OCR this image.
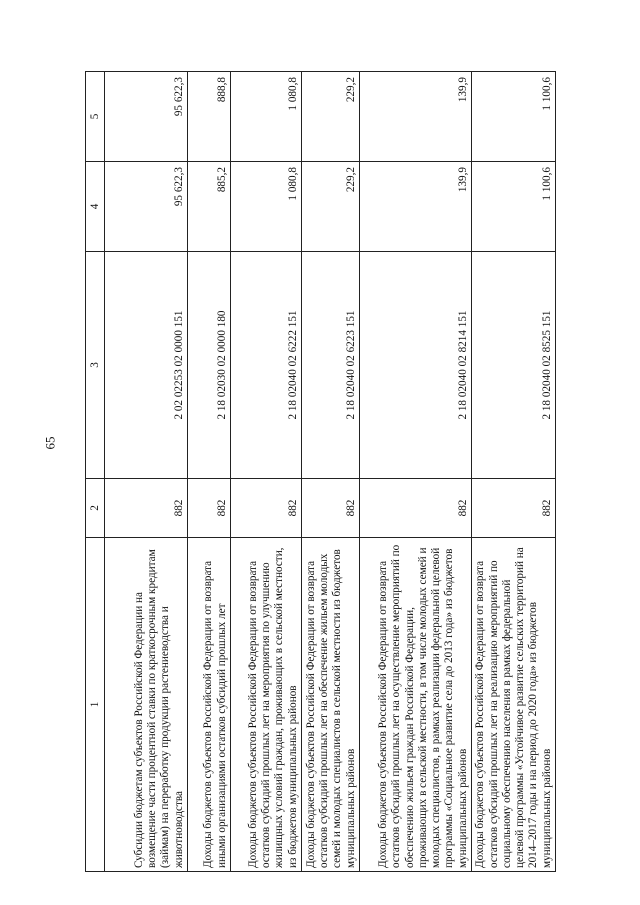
65
1	2	3	4	5
Субсидии бюджетам субъектов Российской Федерации на возмещение части процентной ставки по краткосрочным кредитам (займам) на переработку продукции растениеводства и животноводства	882	2 02 02253 02 0000 151	95 622,3	95 622,3
Доходы бюджетов субъектов Российской Федерации от возврата иными организациями остатков субсидий прошлых лет	882	2 18 02030 02 0000 180	885,2	888,8
Доходы бюджетов субъектов Российской Федерации от возврата остатков субсидий прошлых лет на мероприятия по улучшению жилищных условий граждан, проживающих в сельской местности, из бюджетов муниципальных районов	882	2 18 02040 02 6222 151	1 080,8	1 080,8
Доходы бюджетов субъектов Российской Федерации от возврата остатков субсидий прошлых лет на обеспечение жильем молодых семей и молодых специалистов в сельской местности из бюджетов муниципальных районов	882	2 18 02040 02 6223 151	229,2	229,2
Доходы бюджетов субъектов Российской Федерации от возврата остатков субсидий прошлых лет на осуществление мероприятий по обеспечению жильем граждан Российской Федерации, проживающих в сельской местности, в том числе молодых семей и молодых специалистов, в рамках реализации федеральной целевой программы «Социальное развитие села до 2013 года» из бюджетов муниципальных районов	882	2 18 02040 02 8214 151	139,9	139,9
Доходы бюджетов субъектов Российской Федерации от возврата остатков субсидий прошлых лет на реализацию мероприятий по социальному обеспечению населения в рамках федеральной целевой программы «Устойчивое развитие сельских территорий на 2014–2017 годы и на период до 2020 года» из бюджетов муниципальных районов	882	2 18 02040 02 8525 151	1 100,6	1 100,6
